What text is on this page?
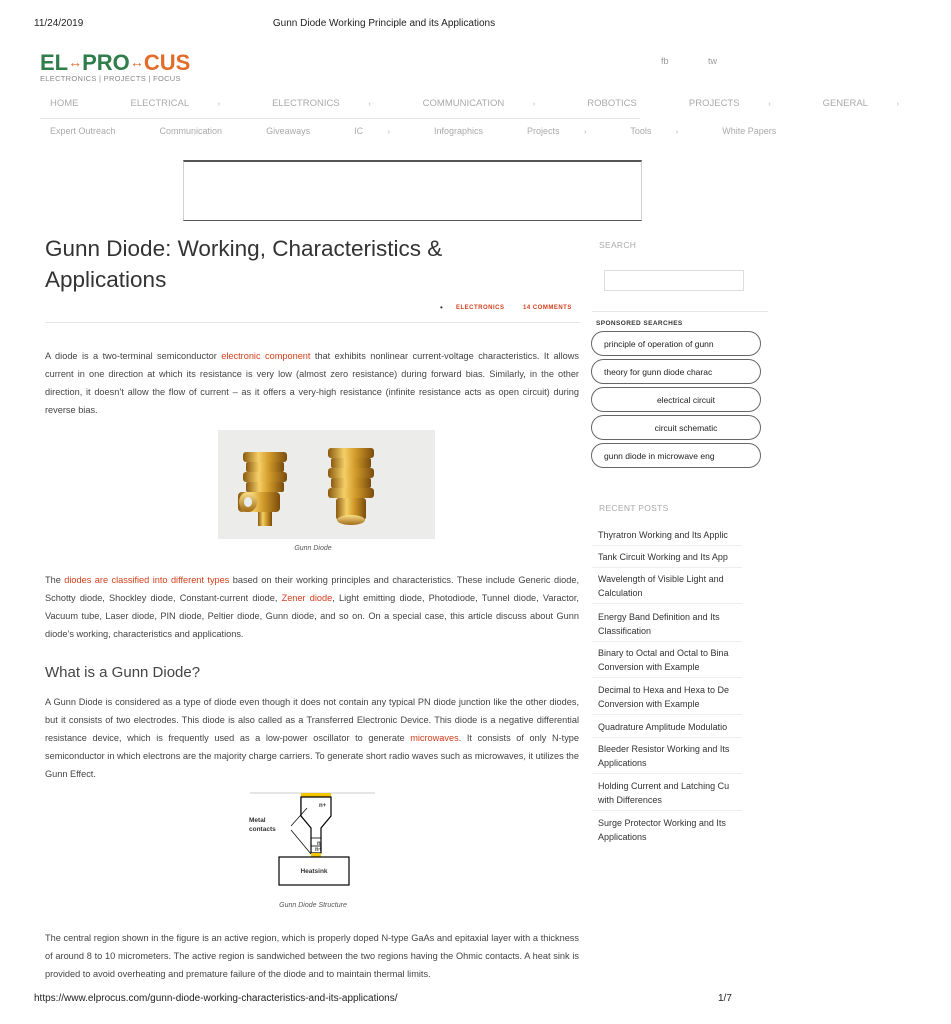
11/24/2019	Gunn Diode Working Principle and its Applications
EL↔PRO↔CUS
ELECTRONICS | PROJECTS | FOCUS
fb	tw
HOME	ELECTRICAL	›	ELECTRONICS	›	COMMUNICATION	›	ROBOTICS	PROJECTS	›	GENERAL	›
Expert Outreach	Communication	Giveaways	IC	›	Infographics	Projects	›	Tools	›	White Papers
Gunn Diode: Working, Characteristics & Applications
• ELECTRONICS	14 COMMENTS

A diode is a two-terminal semiconductor electronic component that exhibits nonlinear current-voltage characteristics. It allows current in one direction at which its resistance is very low (almost zero resistance) during forward bias. Similarly, in the other direction, it doesn’t allow the flow of current – as it offers a very-high resistance (infinite resistance acts as open circuit) during reverse bias.

Gunn Diode

The diodes are classified into different types based on their working principles and characteristics. These include Generic diode, Schotty diode, Shockley diode, Constant-current diode, Zener diode, Light emitting diode, Photodiode, Tunnel diode, Varactor, Vacuum tube, Laser diode, PIN diode, Peltier diode, Gunn diode, and so on. On a special case, this article discuss about Gunn diode’s working, characteristics and applications.

What is a Gunn Diode?

A Gunn Diode is considered as a type of diode even though it does not contain any typical PN diode junction like the other diodes, but it consists of two electrodes. This diode is also called as a Transferred Electronic Device. This diode is a negative differential resistance device, which is frequently used as a low-power oscillator to generate microwaves. It consists of only N-type semiconductor in which electrons are the majority charge carriers. To generate short radio waves such as microwaves, it utilizes the Gunn Effect.

n+
n
n+
Metal
contacts
Heatsink
Gunn Diode Structure

The central region shown in the figure is an active region, which is properly doped N-type GaAs and epitaxial layer with a thickness of around 8 to 10 micrometers. The active region is sandwiched between the two regions having the Ohmic contacts. A heat sink is provided to avoid overheating and premature failure of the diode and to maintain thermal limits.

SEARCH
SPONSORED SEARCHES
principle of operation of gunn
theory for gunn diode charac
electrical circuit
circuit schematic
gunn diode in microwave eng
RECENT POSTS
Thyratron Working and Its Applic
Tank Circuit Working and Its App
Wavelength of Visible Light and Calculation
Energy Band Definition and Its Classification
Binary to Octal and Octal to Bina Conversion with Example
Decimal to Hexa and Hexa to De Conversion with Example
Quadrature Amplitude Modulatio
Bleeder Resistor Working and Its Applications
Holding Current and Latching Cu with Differences
Surge Protector Working and Its Applications
https://www.elprocus.com/gunn-diode-working-characteristics-and-its-applications/	1/7
